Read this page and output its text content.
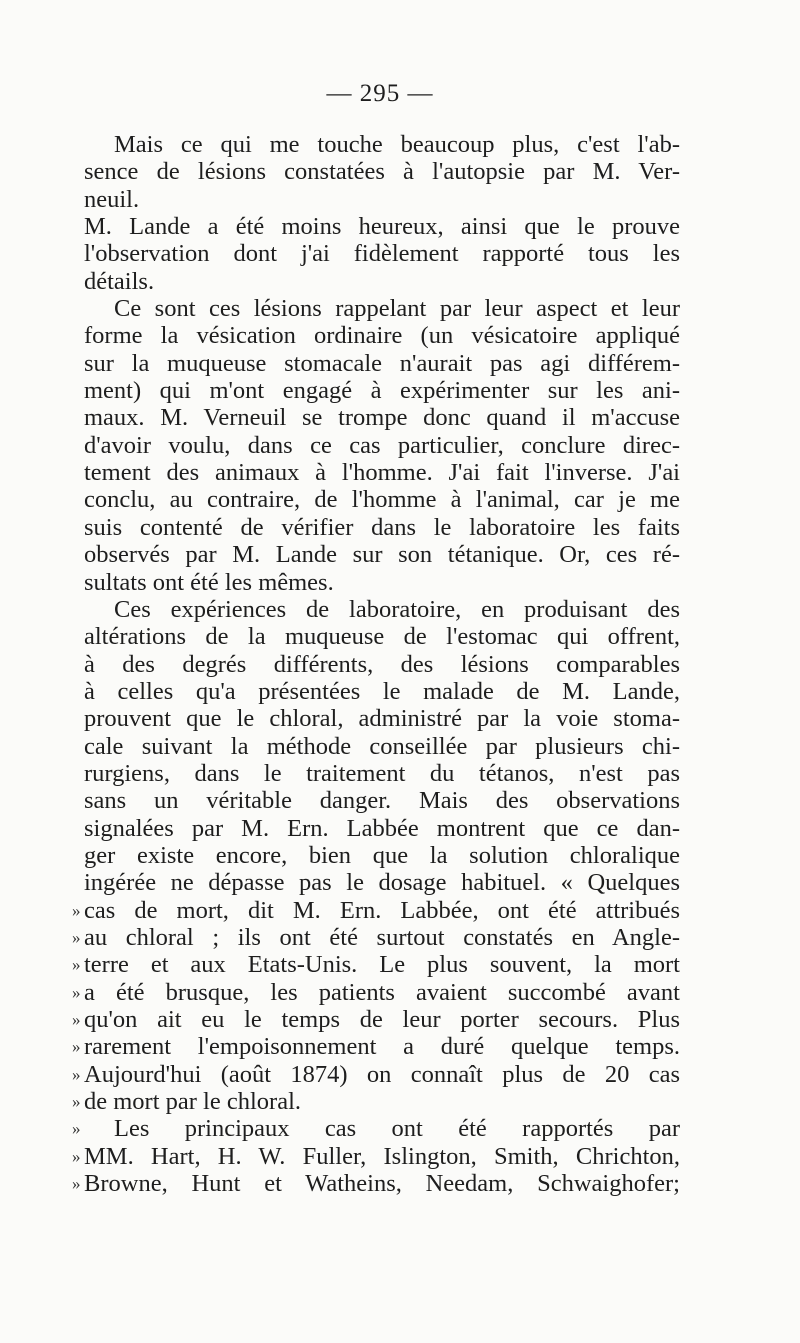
— 295 —
Mais ce qui me touche beaucoup plus, c'est l'ab-
sence de lésions constatées à l'autopsie par M. Ver-
neuil.
M. Lande a été moins heureux, ainsi que le prouve
l'observation dont j'ai fidèlement rapporté tous les
détails.
Ce sont ces lésions rappelant par leur aspect et leur
forme la vésication ordinaire (un vésicatoire appliqué
sur la muqueuse stomacale n'aurait pas agi différem-
ment) qui m'ont engagé à expérimenter sur les ani-
maux. M. Verneuil se trompe donc quand il m'accuse
d'avoir voulu, dans ce cas particulier, conclure direc-
tement des animaux à l'homme. J'ai fait l'inverse. J'ai
conclu, au contraire, de l'homme à l'animal, car je me
suis contenté de vérifier dans le laboratoire les faits
observés par M. Lande sur son tétanique. Or, ces ré-
sultats ont été les mêmes.
Ces expériences de laboratoire, en produisant des
altérations de la muqueuse de l'estomac qui offrent,
à des degrés différents, des lésions comparables
à celles qu'a présentées le malade de M. Lande,
prouvent que le chloral, administré par la voie stoma-
cale suivant la méthode conseillée par plusieurs chi-
rurgiens, dans le traitement du tétanos, n'est pas
sans un véritable danger. Mais des observations
signalées par M. Ern. Labbée montrent que ce dan-
ger existe encore, bien que la solution chloralique
ingérée ne dépasse pas le dosage habituel. « Quelques
» cas de mort, dit M. Ern. Labbée, ont été attribués
» au chloral ; ils ont été surtout constatés en Angle-
» terre et aux Etats-Unis. Le plus souvent, la mort
» a été brusque, les patients avaient succombé avant
» qu'on ait eu le temps de leur porter secours. Plus
» rarement l'empoisonnement a duré quelque temps.
» Aujourd'hui (août 1874) on connaît plus de 20 cas
» de mort par le chloral.
» Les principaux cas ont été rapportés par
» MM. Hart, H. W. Fuller, Islington, Smith, Chrichton,
» Browne, Hunt et Watheins, Needam, Schwaighofer;
